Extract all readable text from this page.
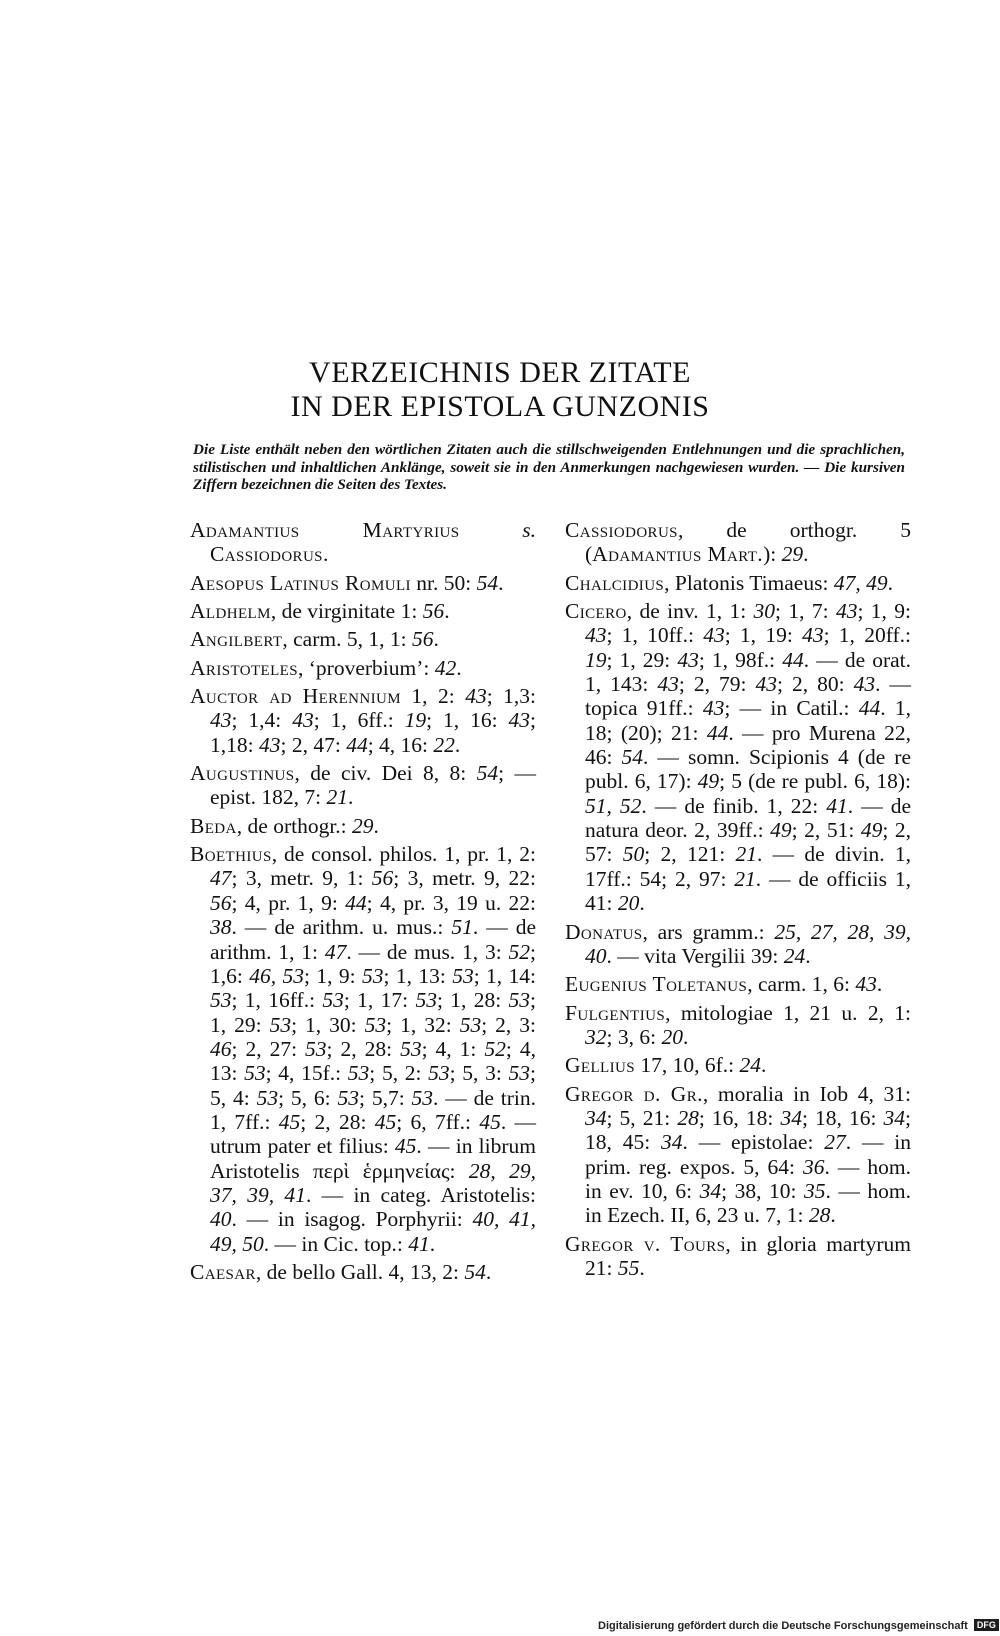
VERZEICHNIS DER ZITATE
IN DER EPISTOLA GUNZONIS
Die Liste enthält neben den wörtlichen Zitaten auch die stillschweigenden Entlehnungen und die sprachlichen, stilistischen und inhaltlichen Anklänge, soweit sie in den Anmerkungen nachgewiesen wurden. — Die kursiven Ziffern bezeichnen die Seiten des Textes.
Adamantius Martyrius	s. Cassiodorus.
Aesopus Latinus Romuli nr. 50: 54.
Aldhelm, de virginitate 1: 56.
Angilbert, carm. 5, 1, 1: 56.
Aristoteles, ‘proverbium’: 42.
Auctor ad Herennium 1, 2: 43; 1,3: 43; 1,4: 43; 1, 6ff.: 19; 1, 16: 43; 1,18: 43; 2, 47: 44; 4, 16: 22.
Augustinus, de civ. Dei 8, 8: 54; — epist. 182, 7: 21.
Beda, de orthogr.: 29.
Boethius, de consol. philos. 1, pr. 1, 2: 47; 3, metr. 9, 1: 56; 3, metr. 9, 22: 56; 4, pr. 1, 9: 44; 4, pr. 3, 19 u. 22: 38. — de arithm. u. mus.: 51. — de arithm. 1, 1: 47. — de mus. 1, 3: 52; 1,6: 46, 53; 1, 9: 53; 1, 13: 53; 1, 14: 53; 1, 16ff.: 53; 1, 17: 53; 1, 28: 53; 1, 29: 53; 1, 30: 53; 1, 32: 53; 2, 3: 46; 2, 27: 53; 2, 28: 53; 4, 1: 52; 4, 13: 53; 4, 15f.: 53; 5, 2: 53; 5, 3: 53; 5, 4: 53; 5, 6: 53; 5,7: 53. — de trin. 1, 7ff.: 45; 2, 28: 45; 6, 7ff.: 45. — utrum pater et filius: 45. — in librum Aristotelis περὶ ἑρμηνείας: 28, 29, 37, 39, 41. — in categ. Aristotelis: 40. — in isagog. Porphyrii: 40, 41, 49, 50. — in Cic. top.: 41.
Caesar, de bello Gall. 4, 13, 2: 54.
Cassiodorus, de orthogr. 5 (Adamantius Mart.): 29.
Chalcidius, Platonis Timaeus: 47, 49.
Cicero, de inv. 1, 1: 30; 1, 7: 43; 1, 9: 43; 1, 10ff.: 43; 1, 19: 43; 1, 20ff.: 19; 1, 29: 43; 1, 98f.: 44. — de orat. 1, 143: 43; 2, 79: 43; 2, 80: 43. — topica 91ff.: 43; — in Catil.: 44. 1, 18; (20); 21: 44. — pro Murena 22, 46: 54. — somn. Scipionis 4 (de re publ. 6, 17): 49; 5 (de re publ. 6, 18): 51, 52. — de finib. 1, 22: 41. — de natura deor. 2, 39ff.: 49; 2, 51: 49; 2, 57: 50; 2, 121: 21. — de divin. 1, 17ff.: 54; 2, 97: 21. — de officiis 1, 41: 20.
Donatus, ars gramm.: 25, 27, 28, 39, 40. — vita Vergilii 39: 24.
Eugenius Toletanus, carm. 1, 6: 43.
Fulgentius, mitologiae 1, 21 u. 2, 1: 32; 3, 6: 20.
Gellius 17, 10, 6f.: 24.
Gregor d. Gr., moralia in Iob 4, 31: 34; 5, 21: 28; 16, 18: 34; 18, 16: 34; 18, 45: 34. — epistolae: 27. — in prim. reg. expos. 5, 64: 36. — hom. in ev. 10, 6: 34; 38, 10: 35. — hom. in Ezech. II, 6, 23 u. 7, 1: 28.
Gregor v. Tours, in gloria martyrum 21: 55.
Digitalisierung gefördert durch die Deutsche Forschungsgemeinschaft DFG
